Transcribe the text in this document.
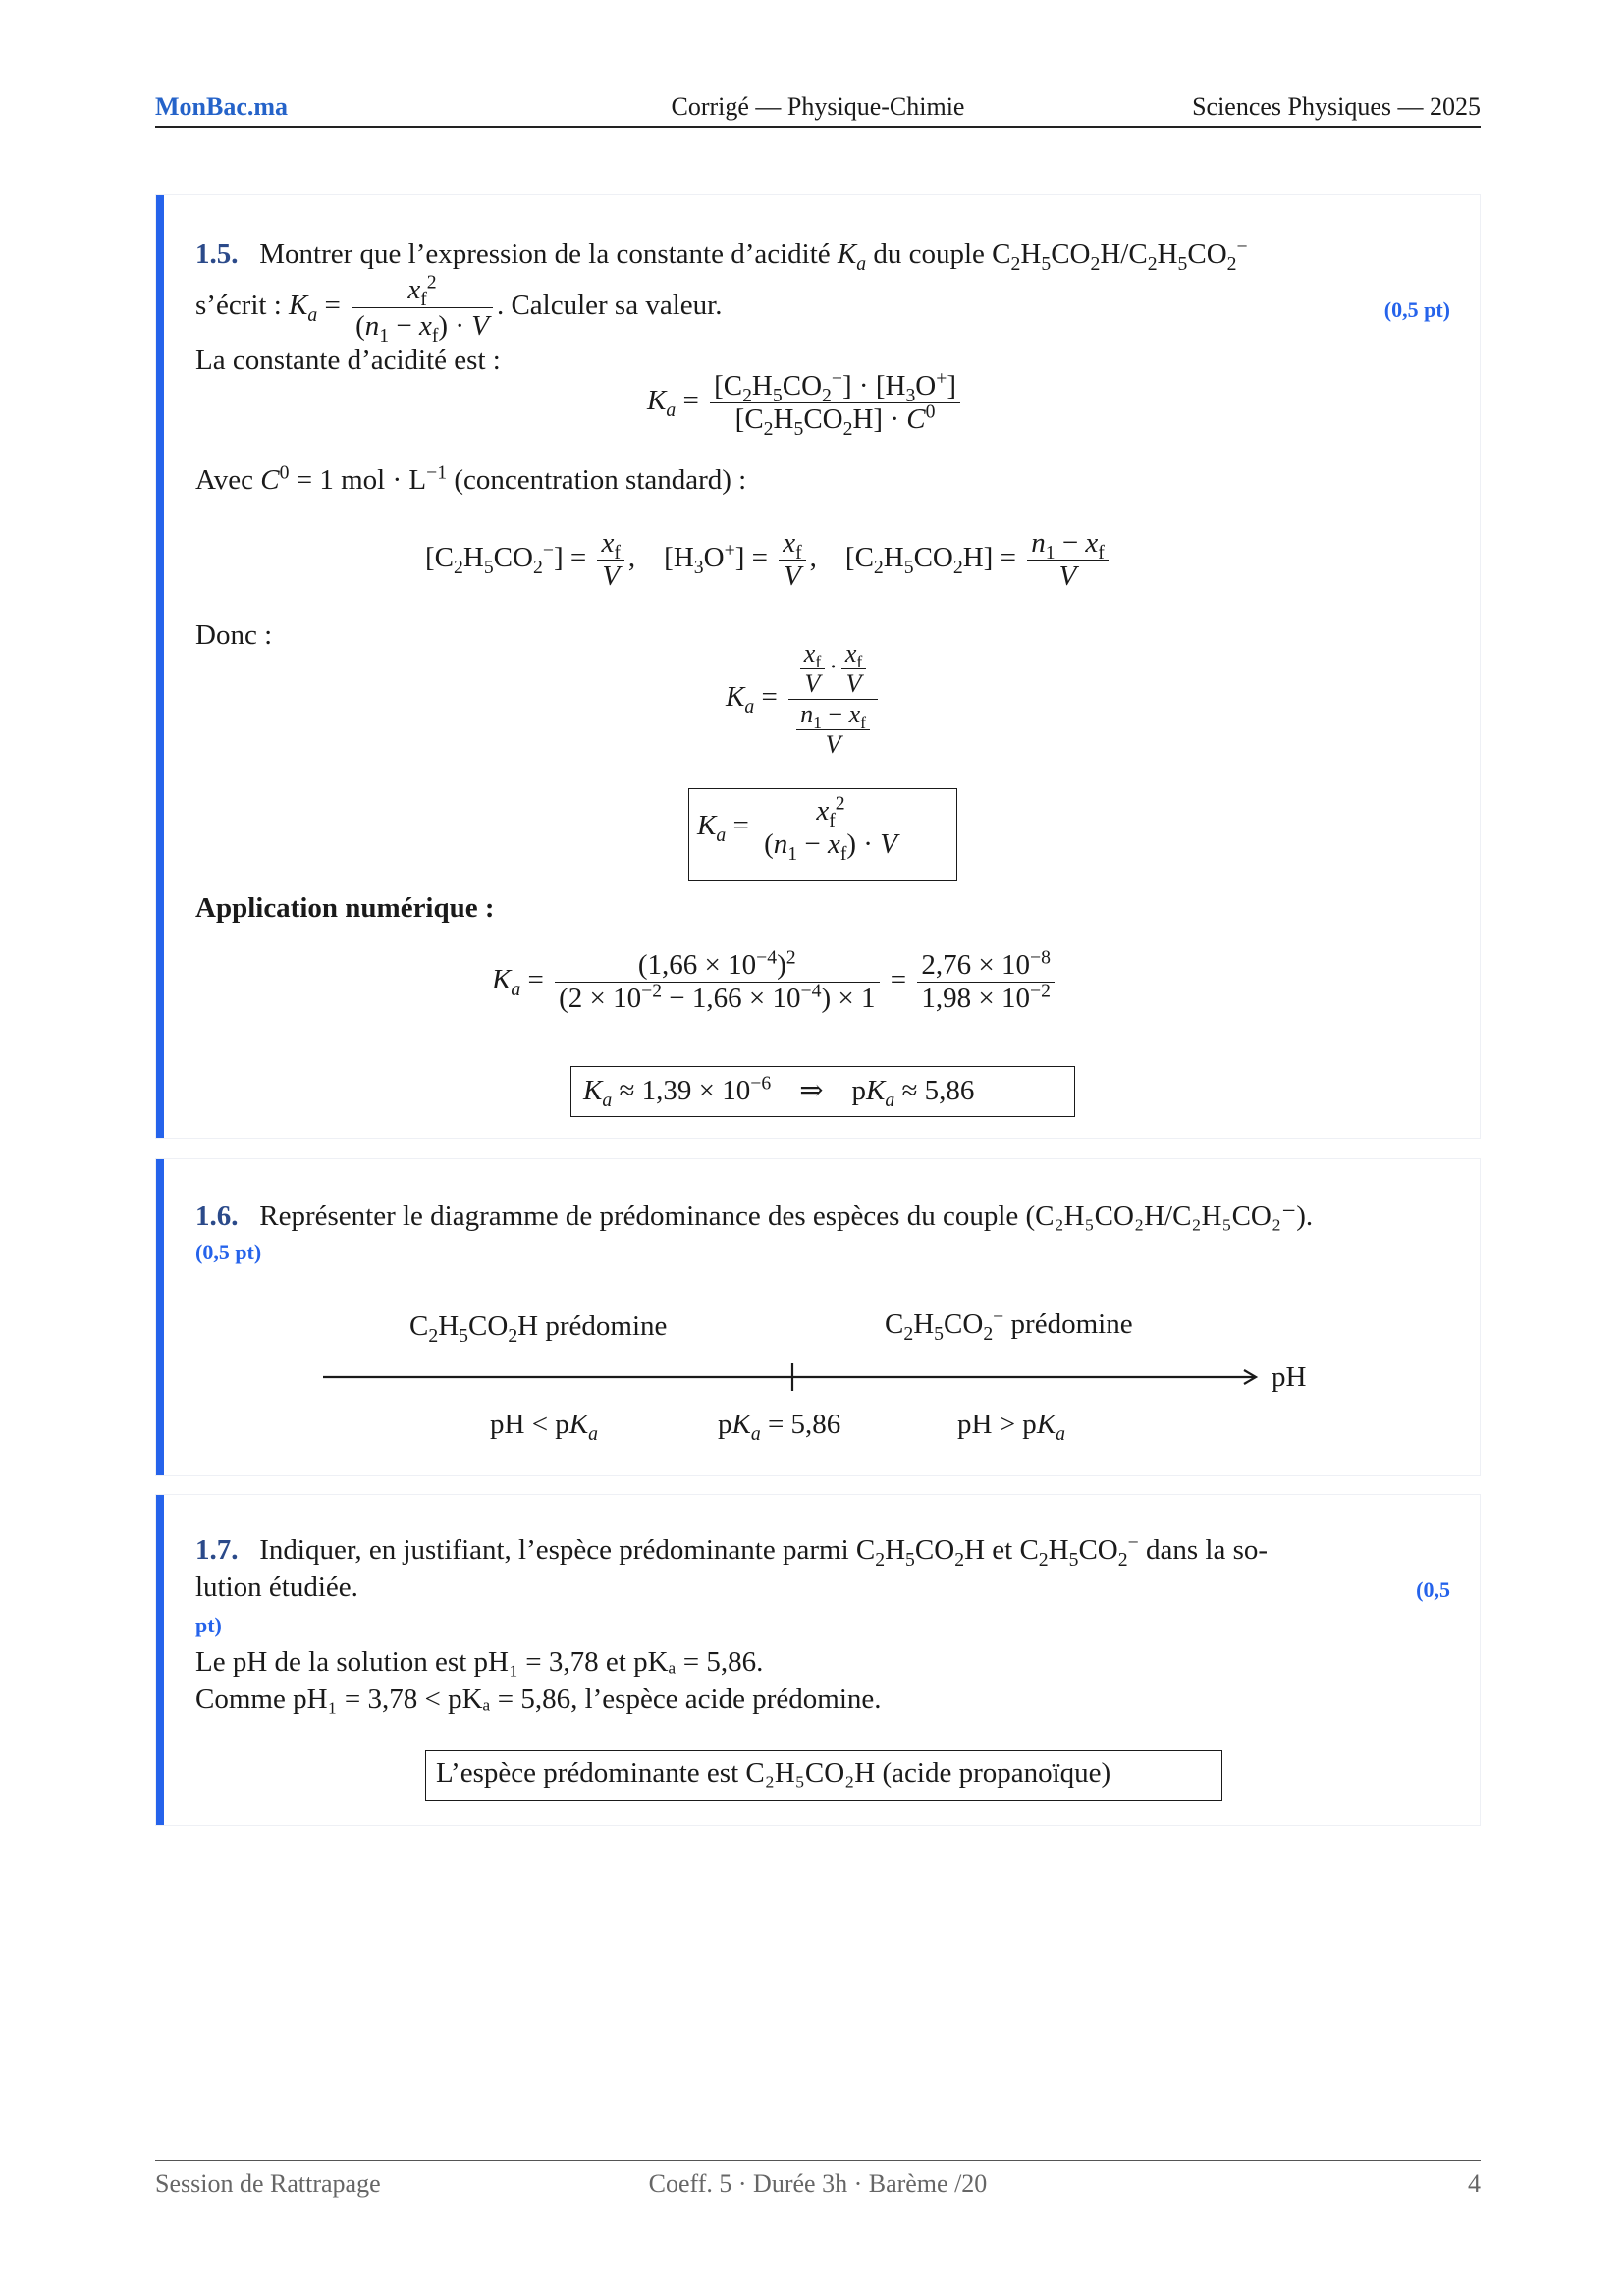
MonBac.ma	Corrigé — Physique-Chimie	Sciences Physiques — 2025
1.5. Montrer que l’expression de la constante d’acidité $K_a$ du couple $C_2H_5CO_2H/C_2H_5CO_2^-$
s’écrit : $K_a = \frac{x_f^2}{(n_1 - x_f) \cdot V}$ . Calculer sa valeur.	(0,5 pt)
La constante d’acidité est :
$K_a = \frac{[C_2H_5CO_2^-] \cdot [H_3O^+]}{[C_2H_5CO_2H] \cdot C^0}$
Avec $C^0 = 1$ mol · $L^{-1}$ (concentration standard) :
$[C_2H_5CO_2^-] = \frac{x_f}{V}$ ,    $[H_3O^+] = \frac{x_f}{V}$ ,    $[C_2H_5CO_2H] = \frac{n_1 - x_f}{V}$
Donc :
$K_a = \frac{\frac{x_f}{V} \cdot \frac{x_f}{V}}{\frac{n_1 - x_f}{V}}$
$K_a = \frac{x_f^2}{(n_1 - x_f) \cdot V}$
Application numérique :
$K_a = \frac{(1,66 \times 10^{-4})^2}{(2 \times 10^{-2} - 1,66 \times 10^{-4}) \times 1} = \frac{2,76 \times 10^{-8}}{1,98 \times 10^{-2}}$
$K_a \approx 1,39 \times 10^{-6}$    ⇒    $pK_a \approx 5,86$
1.6. Représenter le diagramme de prédominance des espèces du couple (C₂H₅CO₂H/C₂H₅CO₂⁻).
(0,5 pt)
$C_2H_5CO_2H$ prédomine	$C_2H_5CO_2^-$ prédomine
pH
pH < $pK_a$	$pK_a = 5,86$	pH > $pK_a$
1.7. Indiquer, en justifiant, l’espèce prédominante parmi $C_2H_5CO_2H$ et $C_2H_5CO_2^-$ dans la so-
lution étudiée.	(0,5
pt)
Le pH de la solution est pH₁ = 3,78 et pKₐ = 5,86.
Comme pH₁ = 3,78 < pKₐ = 5,86, l’espèce acide prédomine.
L’espèce prédominante est C₂H₅CO₂H (acide propanoïque)
Session de Rattrapage	Coeff. 5 · Durée 3h · Barème /20	4
